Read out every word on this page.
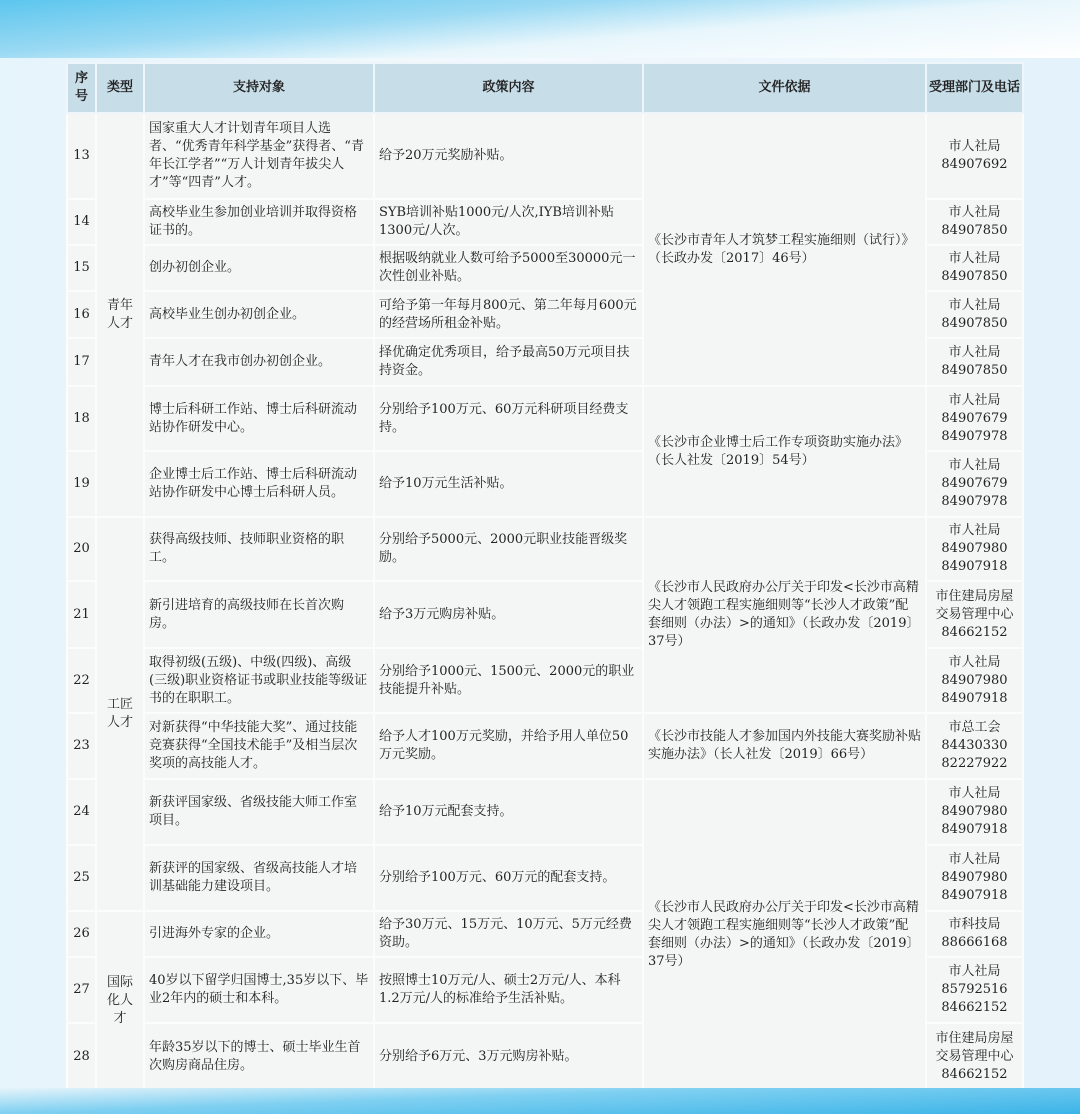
序号	类型	支持对象	政策内容	文件依据	受理部门及电话
13	青年人才	国家重大人才计划青年项目人选者、“优秀青年科学基金”获得者、“青年长江学者”“万人计划青年拔尖人才”等“四青”人才。	给予20万元奖励补贴。	《长沙市青年人才筑梦工程实施细则（试行）》（长政办发〔2017〕46号）	市人社局
84907692
14		高校毕业生参加创业培训并取得资格证书的。	SYB培训补贴1000元/人次,IYB培训补贴1300元/人次。		市人社局
84907850
15		创办初创企业。	根据吸纳就业人数可给予5000至30000元一次性创业补贴。		市人社局
84907850
16		高校毕业生创办初创企业。	可给予第一年每月800元、第二年每月600元的经营场所租金补贴。		市人社局
84907850
17		青年人才在我市创办初创企业。	择优确定优秀项目，给予最高50万元项目扶持资金。		市人社局
84907850
18		博士后科研工作站、博士后科研流动站协作研发中心。	分别给予100万元、60万元科研项目经费支持。	《长沙市企业博士后工作专项资助实施办法》（长人社发〔2019〕54号）	市人社局
84907679
84907978
19		企业博士后工作站、博士后科研流动站协作研发中心博士后科研人员。	给予10万元生活补贴。		市人社局
84907679
84907978
20	工匠人才	获得高级技师、技师职业资格的职工。	分别给予5000元、2000元职业技能晋级奖励。	《长沙市人民政府办公厅关于印发<长沙市高精尖人才领跑工程实施细则等“长沙人才政策”配套细则（办法）>的通知》（长政办发〔2019〕37号）	市人社局
84907980
84907918
21		新引进培育的高级技师在长首次购房。	给予3万元购房补贴。		市住建局房屋
交易管理中心
84662152
22		取得初级(五级)、中级(四级)、高级(三级)职业资格证书或职业技能等级证书的在职职工。	分别给予1000元、1500元、2000元的职业技能提升补贴。		市人社局
84907980
84907918
23		对新获得“中华技能大奖”、通过技能竞赛获得“全国技术能手”及相当层次奖项的高技能人才。	给予人才100万元奖励，并给予用人单位50万元奖励。	《长沙市技能人才参加国内外技能大赛奖励补贴实施办法》（长人社发〔2019〕66号）	市总工会
84430330
82227922
24		新获评国家级、省级技能大师工作室项目。	给予10万元配套支持。	《长沙市人民政府办公厅关于印发<长沙市高精尖人才领跑工程实施细则等“长沙人才政策”配套细则（办法）>的通知》（长政办发〔2019〕37号）	市人社局
84907980
84907918
25		新获评的国家级、省级高技能人才培训基础能力建设项目。	分别给予100万元、60万元的配套支持。		市人社局
84907980
84907918
26	国际化人才	引进海外专家的企业。	给予30万元、15万元、10万元、5万元经费资助。		市科技局
88666168
27		40岁以下留学归国博士,35岁以下、毕业2年内的硕士和本科。	按照博士10万元/人、硕士2万元/人、本科1.2万元/人的标准给予生活补贴。		市人社局
85792516
84662152
28		年龄35岁以下的博士、硕士毕业生首次购房商品住房。	分别给予6万元、3万元购房补贴。		市住建局房屋
交易管理中心
84662152
